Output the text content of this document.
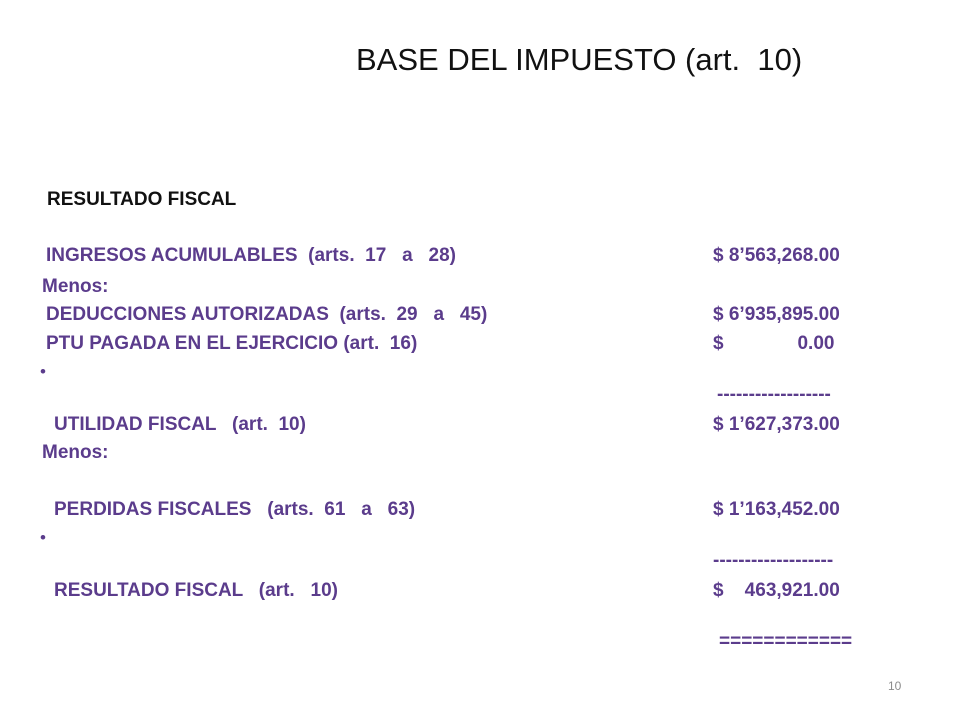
BASE DEL IMPUESTO (art.  10)
RESULTADO FISCAL
INGRESOS ACUMULABLES  (arts.  17   a   28)	$ 8’563,268.00
Menos:
DEDUCCIONES AUTORIZADAS  (arts.  29   a   45)	$ 6’935,895.00
PTU PAGADA EN EL EJERCICIO (art.  16)	$              0.00
•
------------------
UTILIDAD FISCAL   (art.  10)	$ 1’627,373.00
Menos:
PERDIDAS FISCALES   (arts.  61   a   63)	$ 1’163,452.00
•
-------------------
RESULTADO FISCAL   (art.   10)	$    463,921.00
============
10
